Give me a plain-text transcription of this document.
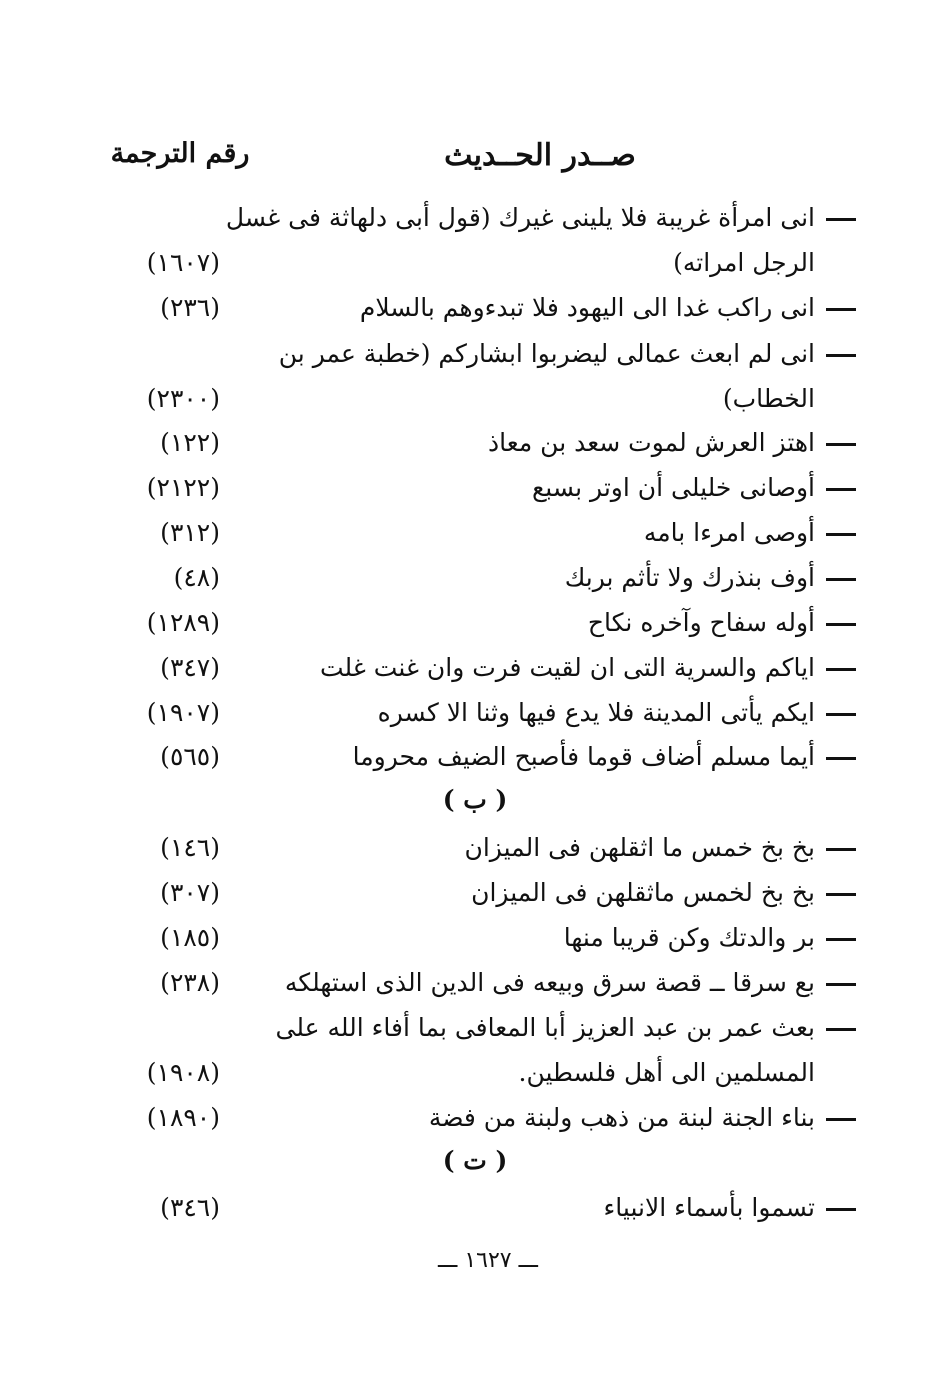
صــدر الحــديث
رقم الترجمة
انى امرأة غريبة فلا يلينى غيرك (قول أبى دلهاثة فى غسل
الرجل امراته)
(١٦٠٧)
انى راكب غدا الى اليهود فلا تبدءوهم بالسلام
(٢٣٦)
انى لم ابعث عمالى ليضربوا ابشاركم (خطبة عمر بن
الخطاب)
(٢٣٠٠)
اهتز العرش لموت سعد بن معاذ
(١٢٢)
أوصانى خليلى أن اوتر بسبع
(٢١٢٢)
أوصى امرءا بامه
(٣١٢)
أوف بنذرك ولا تأثم بربك
(٤٨)
أوله سفاح وآخره نكاح
(١٢٨٩)
اياكم والسرية التى ان لقيت فرت وان غنت غلت
(٣٤٧)
ايكم يأتى المدينة فلا يدع فيها وثنا الا كسره
(١٩٠٧)
أيما مسلم أضاف قوما فأصبح الضيف محروما
(٥٦٥)
( ب )
بخ بخ خمس ما اثقلهن فى الميزان
(١٤٦)
بخ بخ لخمس ماثقلهن فى الميزان
(٣٠٧)
بر والدتك وكن قريبا منها
(١٨٥)
بع سرقا ــ قصة سرق وبيعه فى الدين الذى استهلكه
(٢٣٨)
بعث عمر بن عبد العزيز أبا المعافى بما أفاء الله على
المسلمين الى أهل فلسطين.
(١٩٠٨)
بناء الجنة لبنة من ذهب ولبنة من فضة
(١٨٩٠)
( ت )
تسموا بأسماء الانبياء
(٣٤٦)
ـــ ١٦٢٧ ـــ
